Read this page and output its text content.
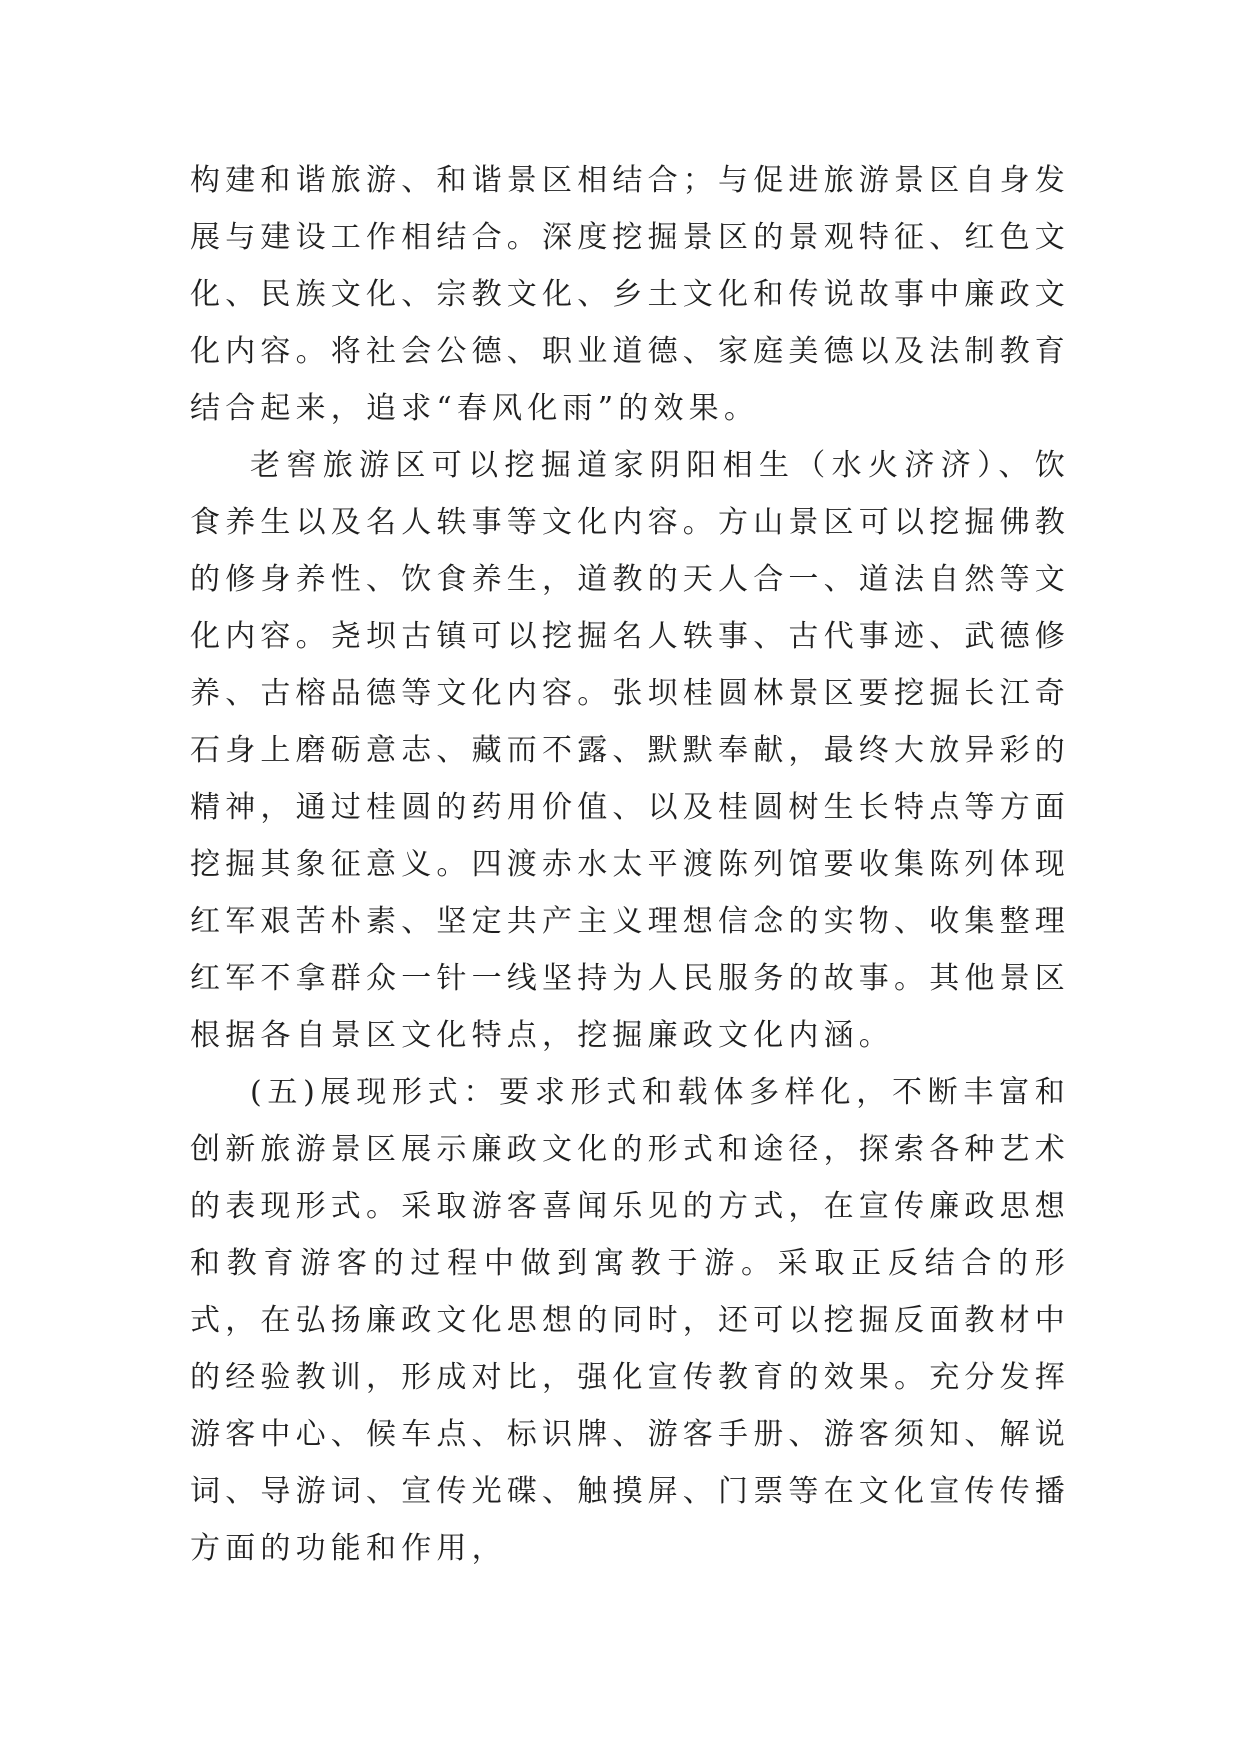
构建和谐旅游、和谐景区相结合；与促进旅游景区自身发展与建设工作相结合。深度挖掘景区的景观特征、红色文化、民族文化、宗教文化、乡土文化和传说故事中廉政文化内容。将社会公德、职业道德、家庭美德以及法制教育结合起来，追求“春风化雨”的效果。

老窖旅游区可以挖掘道家阴阳相生（水火济济）、饮食养生以及名人轶事等文化内容。方山景区可以挖掘佛教的修身养性、饮食养生，道教的天人合一、道法自然等文化内容。尧坝古镇可以挖掘名人轶事、古代事迹、武德修养、古榕品德等文化内容。张坝桂圆林景区要挖掘长江奇石身上磨砺意志、藏而不露、默默奉献，最终大放异彩的精神，通过桂圆的药用价值、以及桂圆树生长特点等方面挖掘其象征意义。四渡赤水太平渡陈列馆要收集陈列体现红军艰苦朴素、坚定共产主义理想信念的实物、收集整理红军不拿群众一针一线坚持为人民服务的故事。其他景区根据各自景区文化特点，挖掘廉政文化内涵。

(五)展现形式：要求形式和载体多样化，不断丰富和创新旅游景区展示廉政文化的形式和途径，探索各种艺术的表现形式。采取游客喜闻乐见的方式，在宣传廉政思想和教育游客的过程中做到寓教于游。采取正反结合的形式，在弘扬廉政文化思想的同时，还可以挖掘反面教材中的经验教训，形成对比，强化宣传教育的效果。充分发挥游客中心、候车点、标识牌、游客手册、游客须知、解说词、导游词、宣传光碟、触摸屏、门票等在文化宣传传播方面的功能和作用，
